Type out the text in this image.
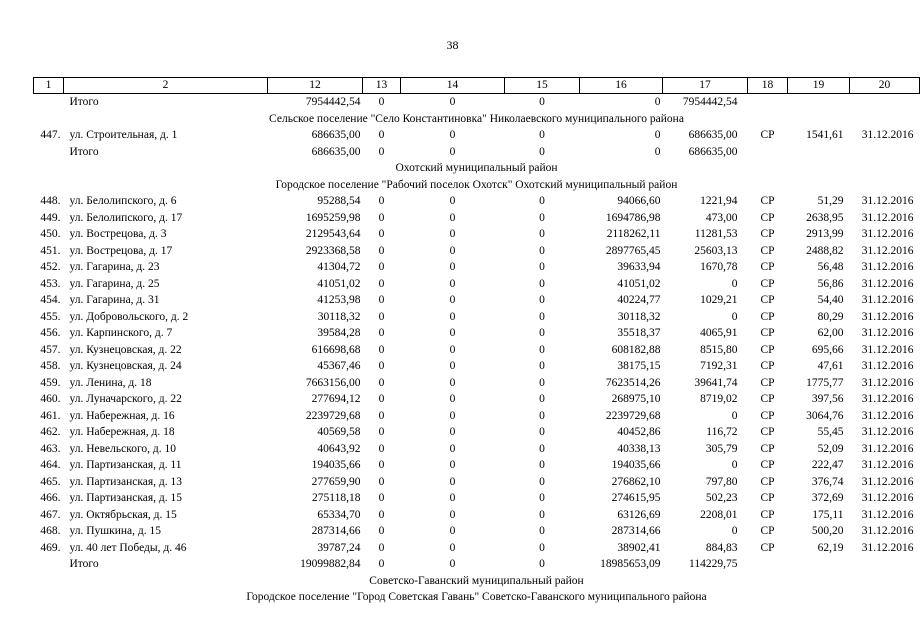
38
1	2	12	13	14	15	16	17	18	19	20
	Итого	7954442,54	0	0	0	0	7954442,54			
Сельское поселение "Село Константиновка" Николаевского муниципального района										
447.	ул. Строительная, д. 1	686635,00	0	0	0	0	686635,00	СР	1541,61	31.12.2016
	Итого	686635,00	0	0	0	0	686635,00			
Охотский муниципальный район										
Городское поселение "Рабочий поселок Охотск" Охотский муниципальный район										
448.	ул. Белолипского, д. 6	95288,54	0	0	0	94066,60	1221,94	СР	51,29	31.12.2016
449.	ул. Белолипского, д. 17	1695259,98	0	0	0	1694786,98	473,00	СР	2638,95	31.12.2016
450.	ул. Вострецова, д. 3	2129543,64	0	0	0	2118262,11	11281,53	СР	2913,99	31.12.2016
451.	ул. Вострецова, д. 17	2923368,58	0	0	0	2897765,45	25603,13	СР	2488,82	31.12.2016
452.	ул. Гагарина, д. 23	41304,72	0	0	0	39633,94	1670,78	СР	56,48	31.12.2016
453.	ул. Гагарина, д. 25	41051,02	0	0	0	41051,02	0	СР	56,86	31.12.2016
454.	ул. Гагарина, д. 31	41253,98	0	0	0	40224,77	1029,21	СР	54,40	31.12.2016
455.	ул. Добровольского, д. 2	30118,32	0	0	0	30118,32	0	СР	80,29	31.12.2016
456.	ул. Карпинского, д. 7	39584,28	0	0	0	35518,37	4065,91	СР	62,00	31.12.2016
457.	ул. Кузнецовская, д. 22	616698,68	0	0	0	608182,88	8515,80	СР	695,66	31.12.2016
458.	ул. Кузнецовская, д. 24	45367,46	0	0	0	38175,15	7192,31	СР	47,61	31.12.2016
459.	ул. Ленина, д. 18	7663156,00	0	0	0	7623514,26	39641,74	СР	1775,77	31.12.2016
460.	ул. Луначарского, д. 22	277694,12	0	0	0	268975,10	8719,02	СР	397,56	31.12.2016
461.	ул. Набережная, д. 16	2239729,68	0	0	0	2239729,68	0	СР	3064,76	31.12.2016
462.	ул. Набережная, д. 18	40569,58	0	0	0	40452,86	116,72	СР	55,45	31.12.2016
463.	ул. Невельского, д. 10	40643,92	0	0	0	40338,13	305,79	СР	52,09	31.12.2016
464.	ул. Партизанская, д. 11	194035,66	0	0	0	194035,66	0	СР	222,47	31.12.2016
465.	ул. Партизанская, д. 13	277659,90	0	0	0	276862,10	797,80	СР	376,74	31.12.2016
466.	ул. Партизанская, д. 15	275118,18	0	0	0	274615,95	502,23	СР	372,69	31.12.2016
467.	ул. Октябрьская, д. 15	65334,70	0	0	0	63126,69	2208,01	СР	175,11	31.12.2016
468.	ул. Пушкина, д. 15	287314,66	0	0	0	287314,66	0	СР	500,20	31.12.2016
469.	ул. 40 лет Победы, д. 46	39787,24	0	0	0	38902,41	884,83	СР	62,19	31.12.2016
	Итого	19099882,84	0	0	0	18985653,09	114229,75			
Советско-Гаванский муниципальный район										
Городское поселение "Город Советская Гавань" Советско-Гаванского муниципального района										
